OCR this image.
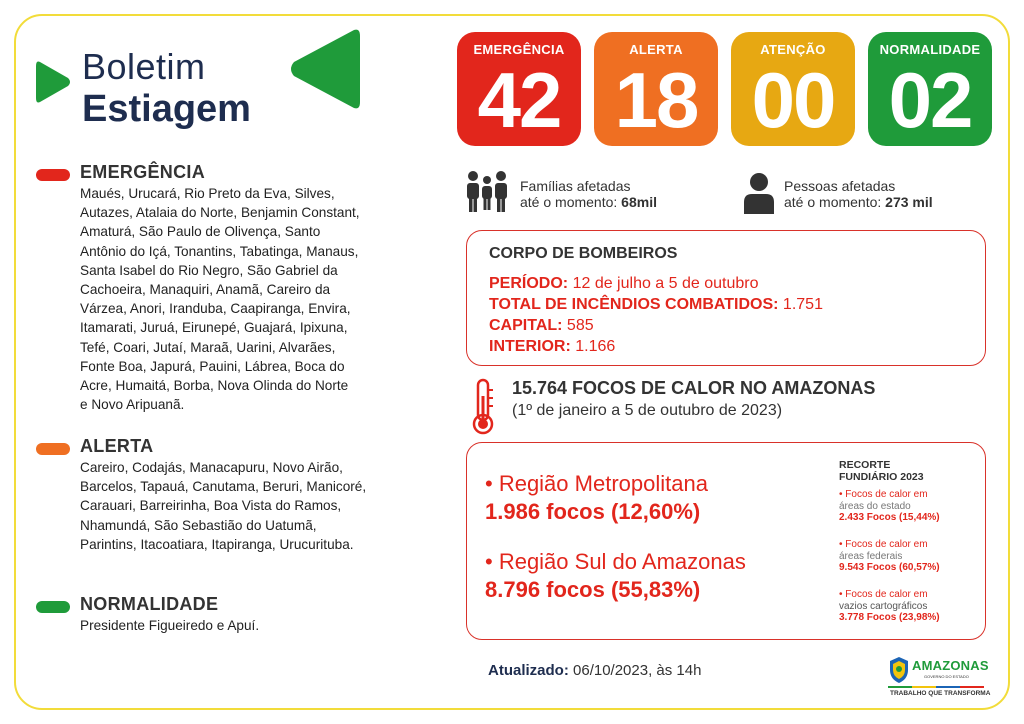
Boletim
Estiagem
EMERGÊNCIA
42
ALERTA
18
ATENÇÃO
00
NORMALIDADE
02
Famílias afetadas
até o momento: 68mil
Pessoas afetadas
até o momento: 273 mil
EMERGÊNCIA
Maués, Urucará, Rio Preto da Eva, Silves,
Autazes, Atalaia do Norte, Benjamin Constant,
Amaturá, São Paulo de Olivença, Santo
Antônio do Içá, Tonantins, Tabatinga, Manaus,
Santa Isabel do Rio Negro, São Gabriel da
Cachoeira, Manaquiri, Anamã, Careiro da
Várzea, Anori, Iranduba, Caapiranga, Envira,
Itamarati, Juruá, Eirunepé, Guajará, Ipixuna,
Tefé, Coari, Jutaí, Maraã, Uarini, Alvarães,
Fonte Boa, Japurá, Pauini, Lábrea, Boca do
Acre, Humaitá, Borba, Nova Olinda do Norte
e Novo Aripuanã.
ALERTA
Careiro, Codajás, Manacapuru, Novo Airão,
Barcelos, Tapauá, Canutama, Beruri, Manicoré,
Carauari, Barreirinha, Boa Vista do Ramos,
Nhamundá, São Sebastião do Uatumã,
Parintins, Itacoatiara, Itapiranga, Urucurituba.
NORMALIDADE
Presidente Figueiredo e Apuí.
CORPO DE BOMBEIROS
PERÍODO: 12 de julho a 5 de outubro
TOTAL DE INCÊNDIOS COMBATIDOS: 1.751
CAPITAL: 585
INTERIOR: 1.166
15.764 FOCOS DE CALOR NO AMAZONAS
(1º de janeiro a 5 de outubro de 2023)
• Região Metropolitana
1.986 focos (12,60%)
• Região Sul do Amazonas
8.796 focos (55,83%)
RECORTE
FUNDIÁRIO 2023
• Focos de calor em
áreas do estado
2.433 Focos (15,44%)
• Focos de calor em
áreas federais
9.543 Focos (60,57%)
• Focos de calor em
vazios cartográficos
3.778 Focos (23,98%)
Atualizado: 06/10/2023, às 14h	AMAZONAS
GOVERNO DO ESTADO
TRABALHO QUE TRANSFORMA
